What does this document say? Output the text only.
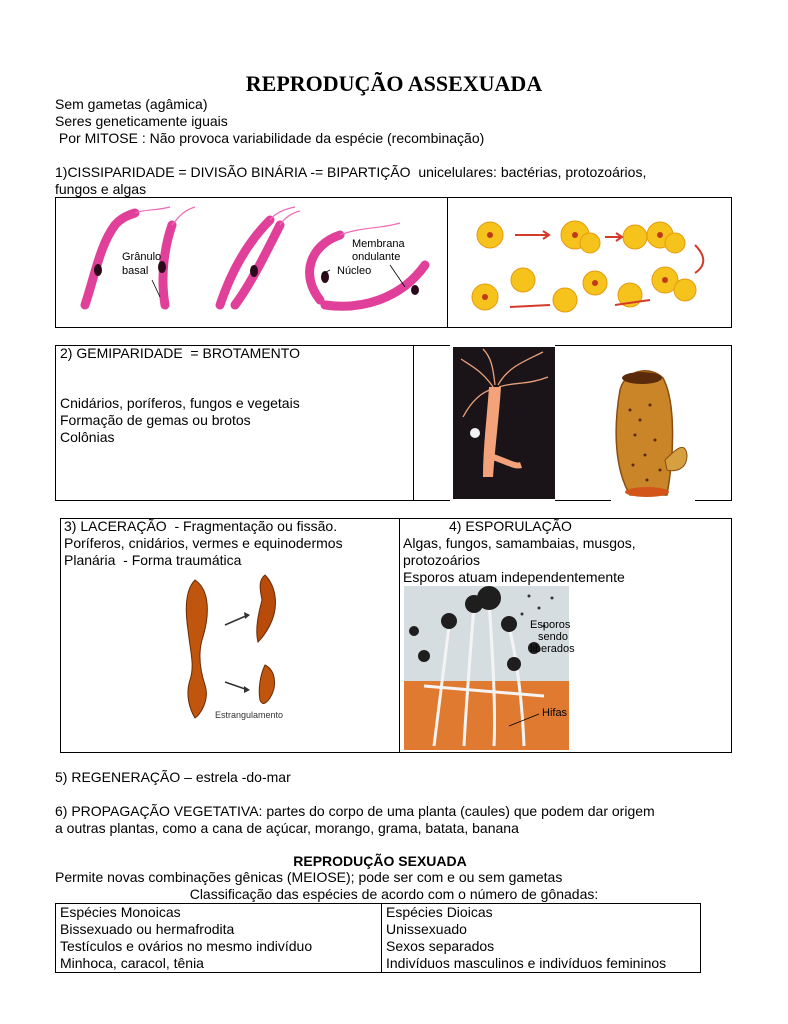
REPRODUÇÃO ASSEXUADA
Sem gametas (agâmica)
Seres geneticamente iguais
Por MITOSE : Não provoca variabilidade da espécie (recombinação)
1)CISSIPARIDADE = DIVISÃO BINÁRIA -= BIPARTIÇÃO  unicelulares: bactérias, protozoários,
fungos e algas
Grânulo
basal
Membrana
ondulante
Núcleo
2) GEMIPARIDADE  = BROTAMENTO
Cnidários, poríferos, fungos e vegetais
Formação de gemas ou brotos
Colônias
3) LACERAÇÃO  - Fragmentação ou fissão.
Poríferos, cnidários, vermes e equinodermos
Planária  - Forma traumática
Estrangulamento
4) ESPORULAÇÃO
Algas, fungos, samambaias, musgos,
protozoários
Esporos atuam independentemente
Esporos
sendo
liberados
Hifas
5) REGENERAÇÃO – estrela -do-mar
6) PROPAGAÇÃO VEGETATIVA: partes do corpo de uma planta (caules) que podem dar origem
a outras plantas, como a cana de açúcar, morango, grama, batata, banana
REPRODUÇÃO SEXUADA
Permite novas combinações gênicas (MEIOSE); pode ser com e ou sem gametas
Classificação das espécies de acordo com o número de gônadas:
Espécies Monoicas
Bissexuado ou hermafrodita
Testículos e ovários no mesmo indivíduo
Minhoca, caracol, tênia

Espécies Dioicas
Unissexuado
Sexos separados
Indivíduos masculinos e indivíduos femininos
